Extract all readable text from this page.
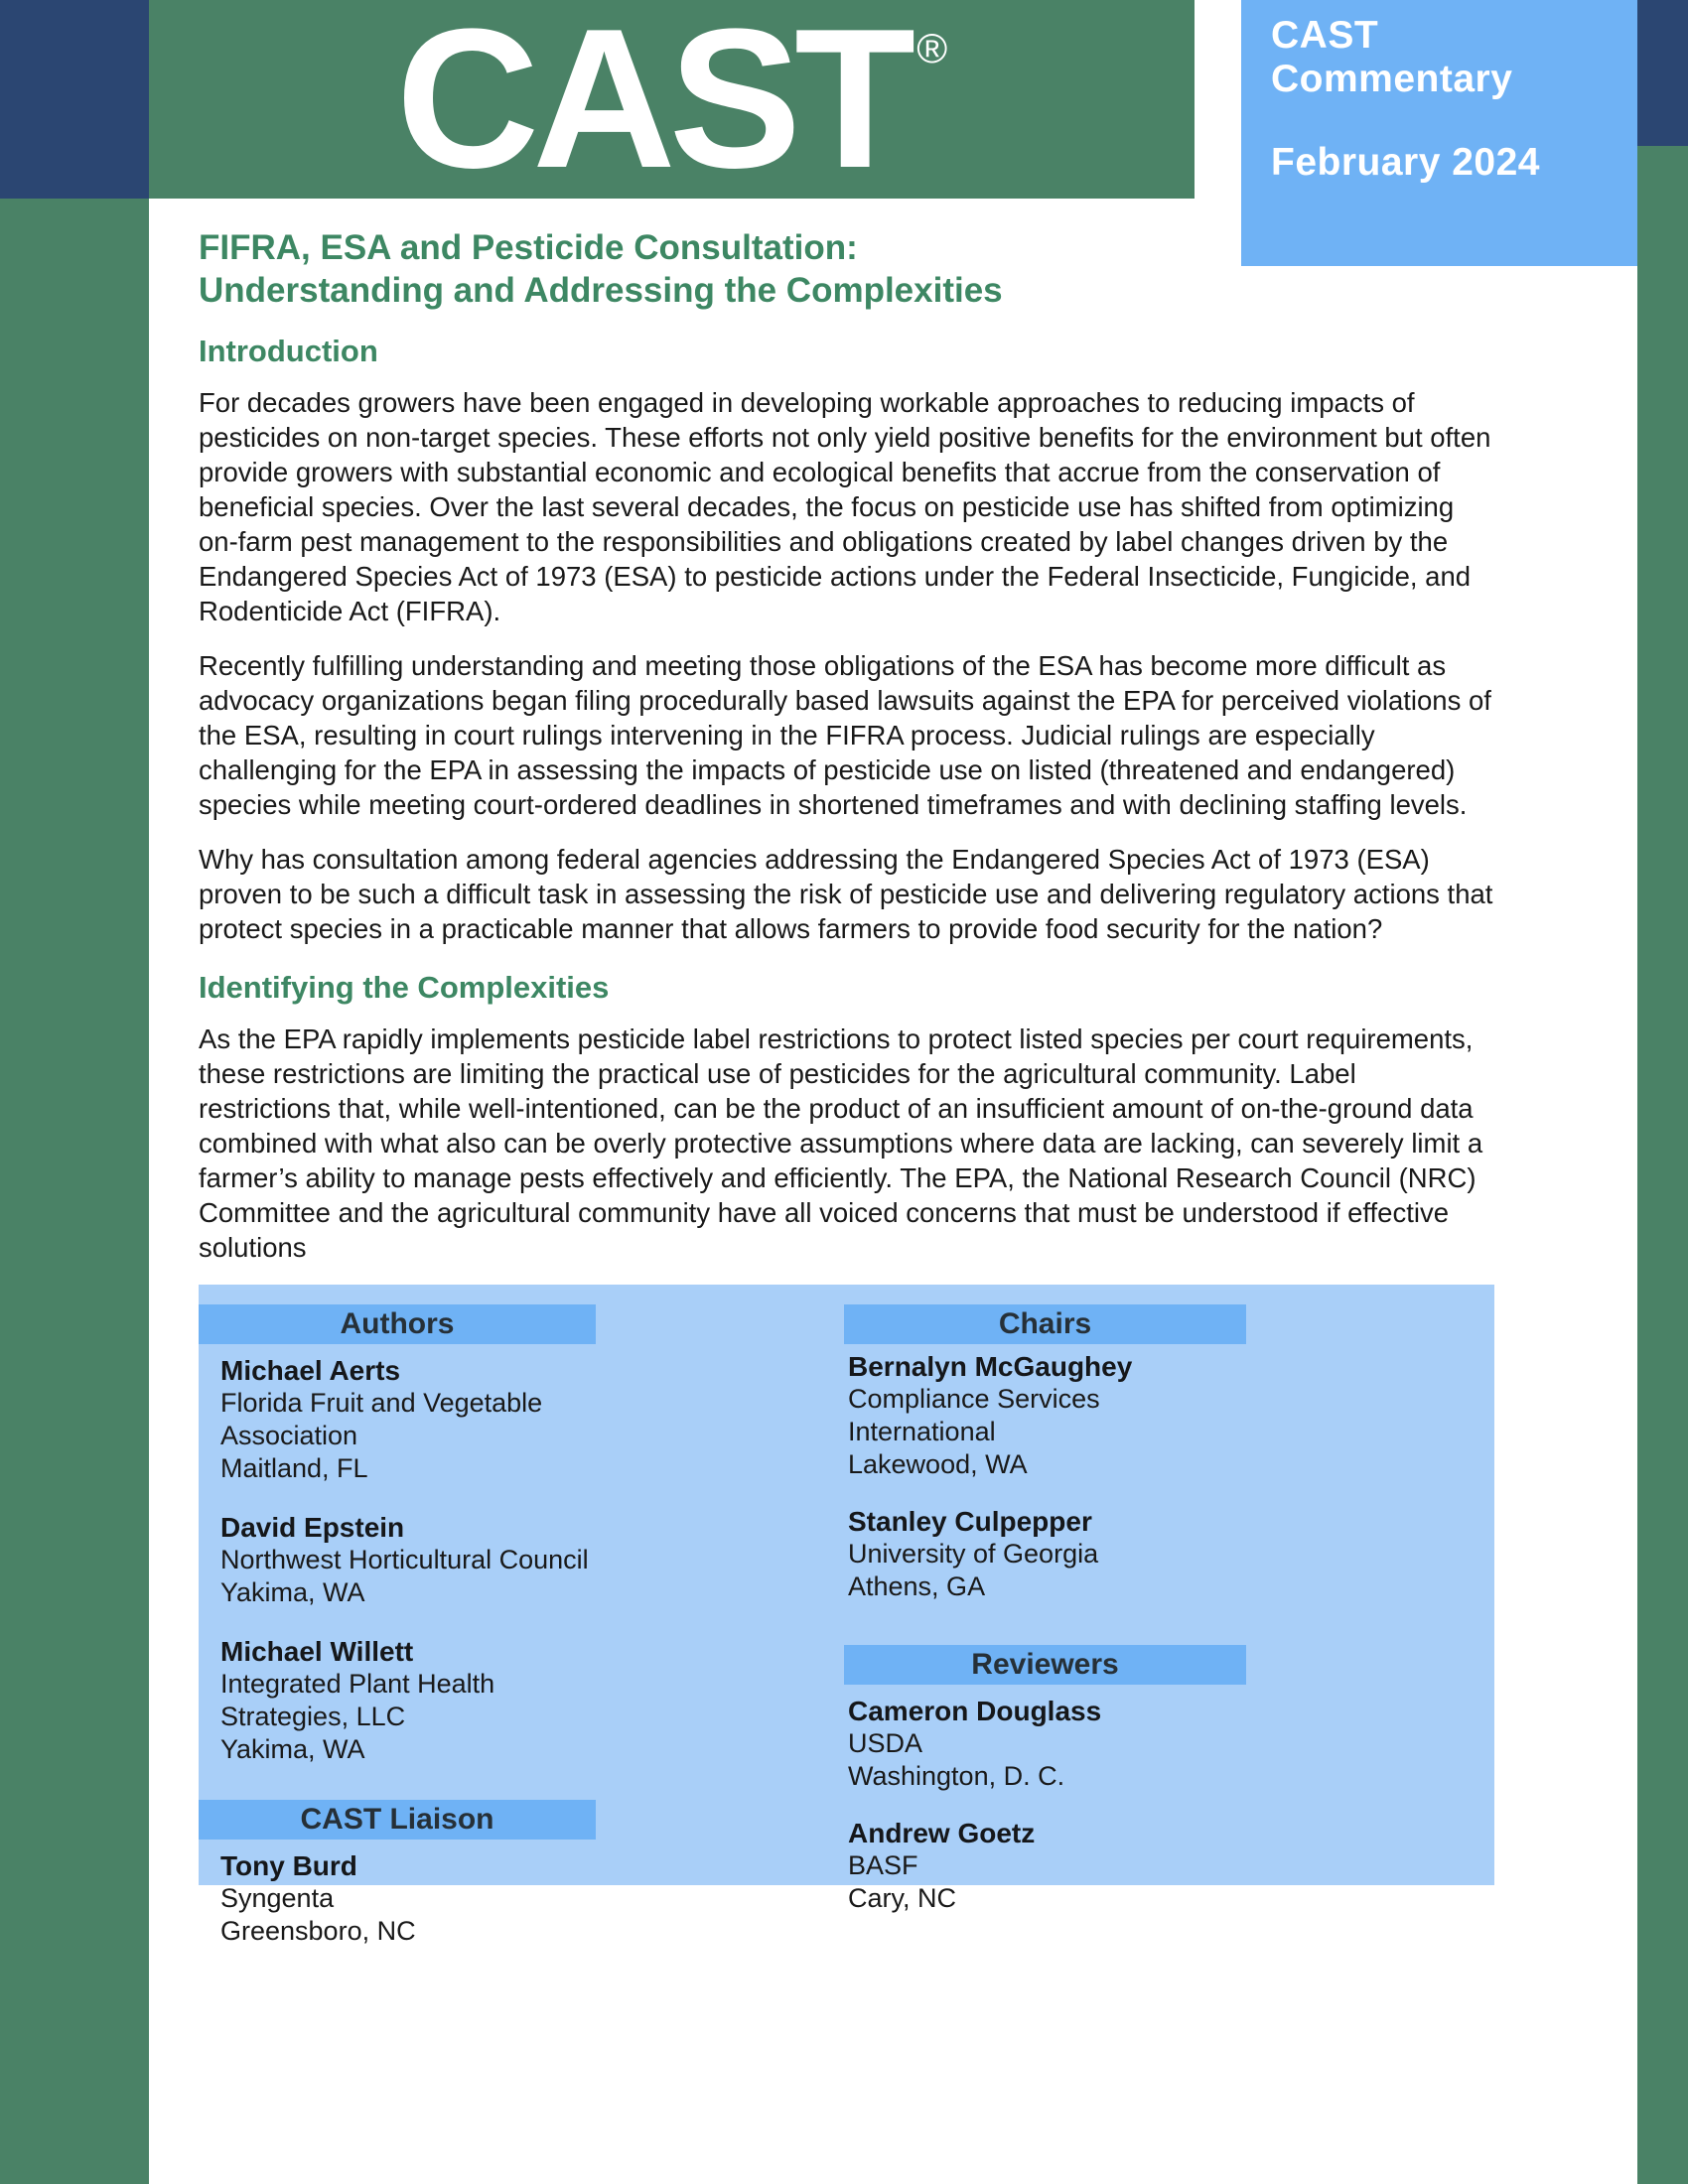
CAST ®	CAST
Commentary
February 2024
FIFRA, ESA and Pesticide Consultation:
Understanding and Addressing the Complexities
Introduction

For decades growers have been engaged in developing workable approaches to reducing impacts of pesticides on non-target species. These efforts not only yield positive benefits for the environment but often provide growers with substantial economic and ecological benefits that accrue from the conservation of beneficial species. Over the last several decades, the focus on pesticide use has shifted from optimizing on-farm pest management to the responsibilities and obligations created by label changes driven by the Endangered Species Act of 1973 (ESA) to pesticide actions under the Federal Insecticide, Fungicide, and Rodenticide Act (FIFRA).

Recently fulfilling understanding and meeting those obligations of the ESA has become more difficult as advocacy organizations began filing procedurally based lawsuits against the EPA for perceived violations of the ESA, resulting in court rulings intervening in the FIFRA process. Judicial rulings are especially challenging for the EPA in assessing the impacts of pesticide use on listed (threatened and endangered) species while meeting court-ordered deadlines in shortened timeframes and with declining staffing levels.

Why has consultation among federal agencies addressing the Endangered Species Act of 1973 (ESA) proven to be such a difficult task in assessing the risk of pesticide use and delivering regulatory actions that protect species in a practicable manner that allows farmers to provide food security for the nation?

Identifying the Complexities

As the EPA rapidly implements pesticide label restrictions to protect listed species per court requirements, these restrictions are limiting the practical use of pesticides for the agricultural community. Label restrictions that, while well-intentioned, can be the product of an insufficient amount of on-the-ground data combined with what also can be overly protective assumptions where data are lacking, can severely limit a farmer’s ability to manage pests effectively and efficiently. The EPA, the National Research Council (NRC) Committee and the agricultural community have all voiced concerns that must be understood if effective solutions

Authors
Michael Aerts
Florida Fruit and Vegetable Association
Maitland, FL
David Epstein
Northwest Horticultural Council
Yakima, WA
Michael Willett
Integrated Plant Health Strategies, LLC
Yakima, WA
CAST Liaison
Tony Burd
Syngenta
Greensboro, NC
Chairs
Bernalyn McGaughey
Compliance Services International
Lakewood, WA
Stanley Culpepper
University of Georgia
Athens, GA
Reviewers
Cameron Douglass
USDA
Washington, D. C.
Andrew Goetz
BASF
Cary, NC
